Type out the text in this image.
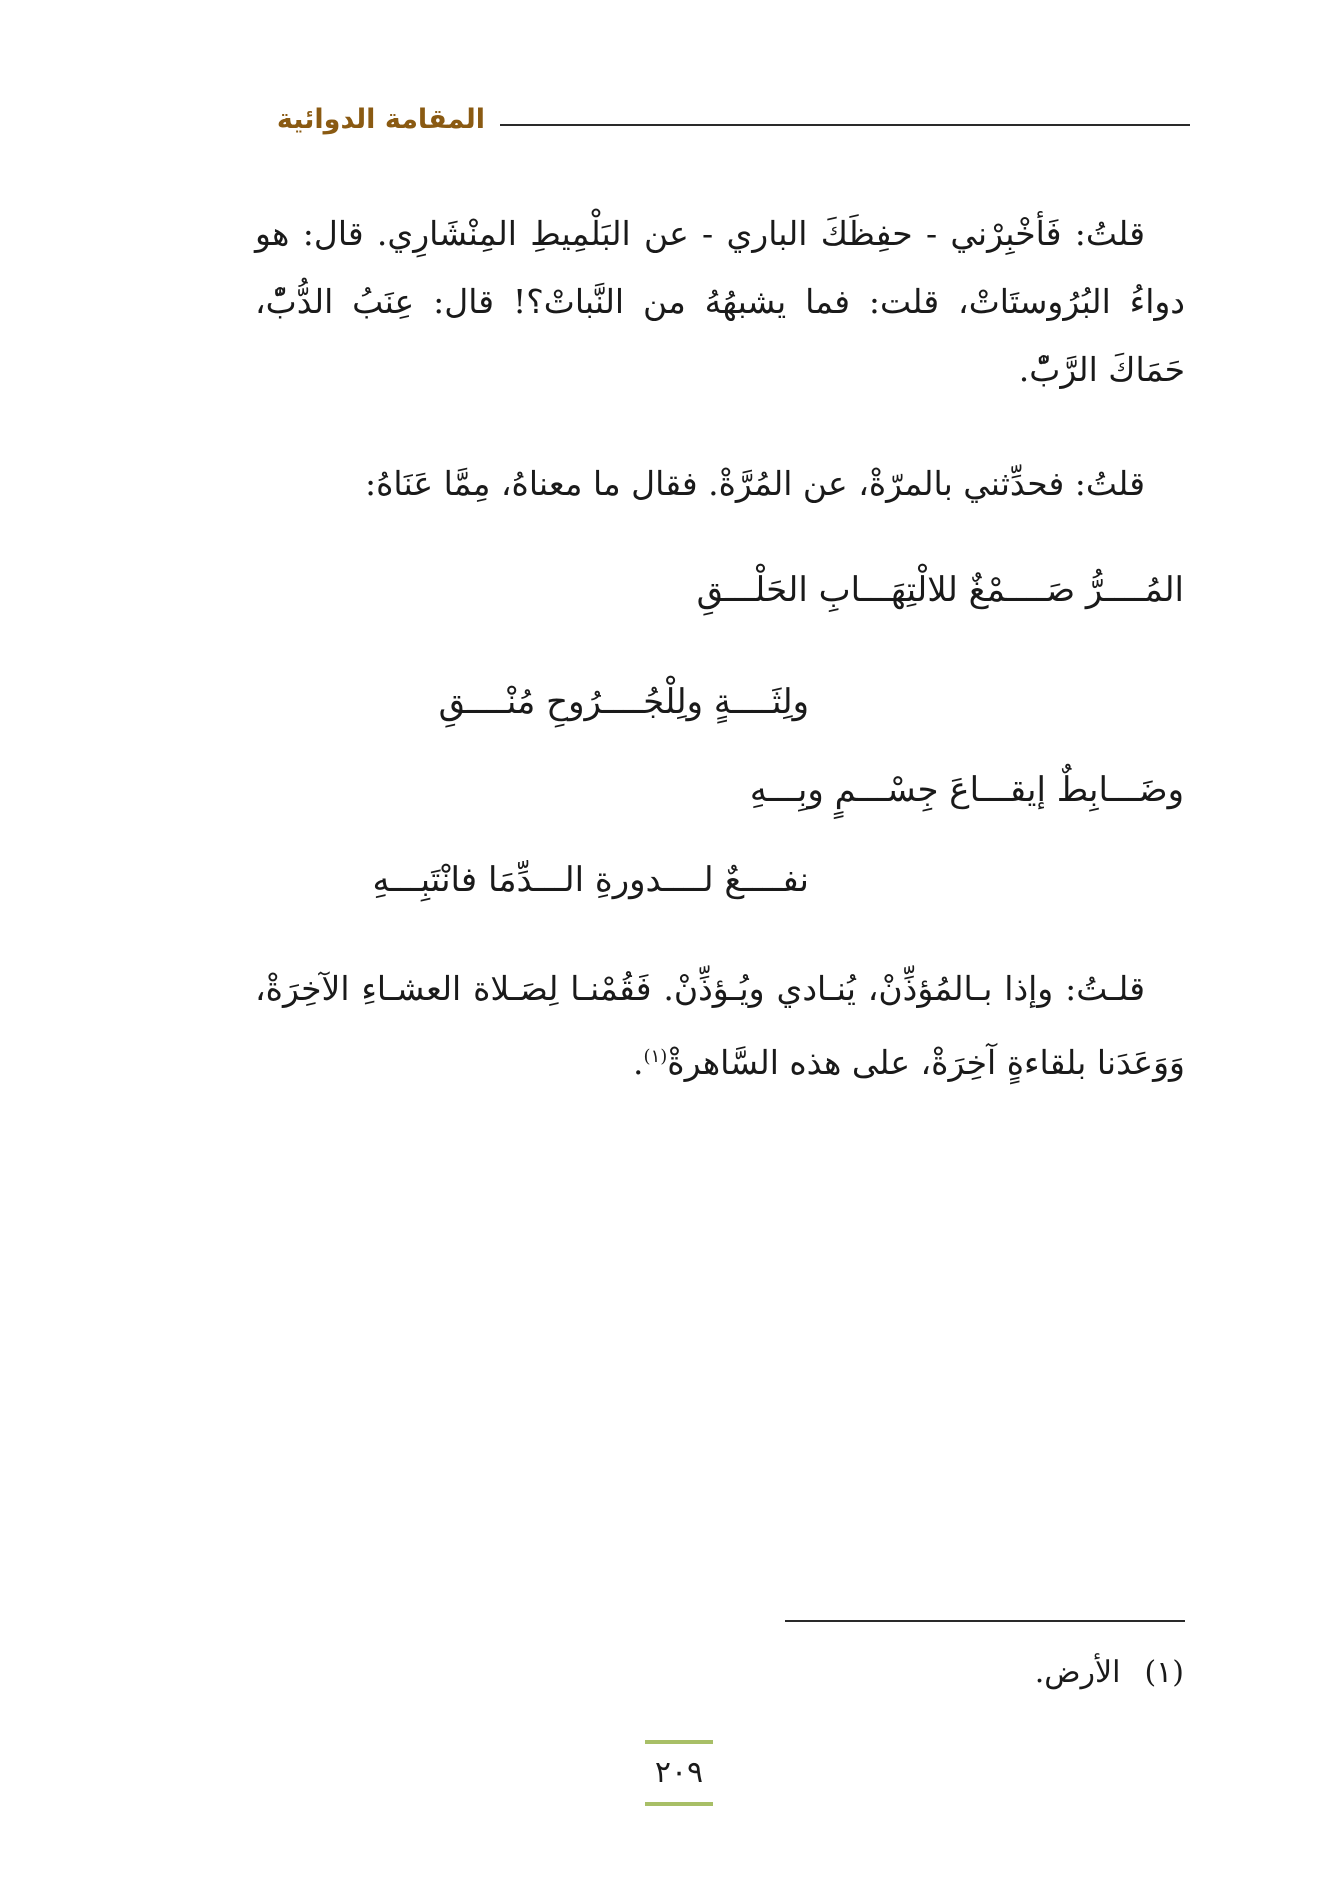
المقامة الدوائية

قلتُ: فَأخْبِرْني - حفِظَكَ الباري - عن البَلْمِيطِ المِنْشَارِي. قال: هو دواءُ البُرُوستَاتْ، قلت: فما يشبهُهُ من النَّباتْ؟! قال: عِنَبُ الدُّبّْ، حَمَاكَ الرَّبّْ.

قلتُ: فحدِّثني بالمرّةْ، عن المُرَّةْ. فقال ما معناهُ، مِمَّا عَنَاهُ:

المُــــرُّ صَــــمْغٌ للالْتِهَـــابِ الحَلْـــقِ

ولِثَــــةٍ ولِلْجُــــرُوحِ مُنْــــقِ

وضَـــابِطٌ إيقـــاعَ جِسْـــمٍ وبِـــهِ

نفــــعٌ لــــدورةِ الـــدِّمَا فانْتَبِـــهِ

قلـتُ: وإذا بـالمُؤذِّنْ، يُنـادي ويُـؤذِّنْ. فَقُمْنـا لِصَـلاة العشـاءِ الآخِرَةْ، وَوَعَدَنا بلقاءةٍ آخِرَةْ، على هذه السَّاهرةْ$^{(١)}$.

(١)الأرض.
٢٠٩
